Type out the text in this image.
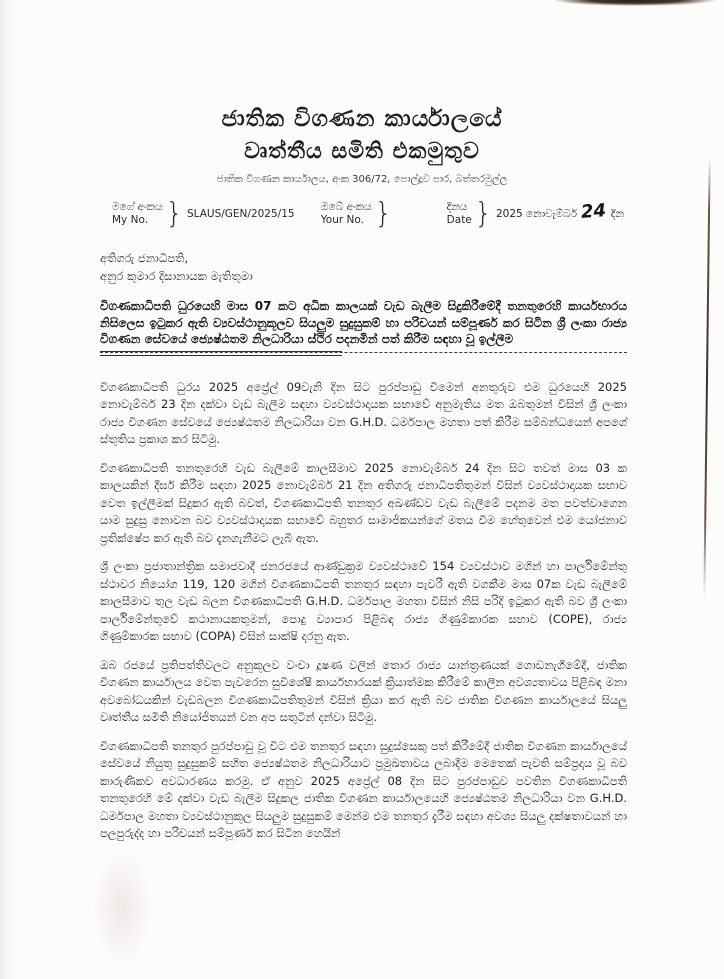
ජාතික විගණන කාර්යාලයේ
වෘත්තීය සමිති එකමුතුව
ජාතික විගණන කාර්යාලය, අංක 306/72, පොල්දූව පාර, බත්තරමුල්ල
මගේ අංකය
My No. } SLAUS/GEN/2025/15
ඔබේ අංකය
Your No. }	දිනය
Date } 2025 නොවැම්බර් 24 දින
අතිගරු ජනාධිපති,
අනුර කුමාර දිසානායක මැතිතුමා

විගණකාධිපති ධුරයෙහි මාස 07 කට අධික කාලයක් වැඩ බැලීම සිදුකිරීමේදී තනතුරෙහි කාර්යභාරය නිසිලෙස ඉටුකර ඇති ව්‍යවස්ථානුකූලව සියලුම සුදුසුකම් හා පරිචයන් සම්පූර්ණ කර සිටින ශ්‍රී ලංකා රාජ්‍ය විගණන සේවයේ ජ්‍යෙෂ්ඨතම නිලධාරියා ස්ථිර පදනමින් පත් කිරීම සඳහා වූ ඉල්ලීම

විගණකාධිපති ධුරය 2025 අප්‍රේල් 09වැනි දින සිට පුරප්පාඩු වීමෙන් අනතුරුව එම ධුරයෙහි 2025 නොවැම්බර් 23 දින දක්වා වැඩ බැලීම සඳහා ව්‍යවස්ථාදායක සභාවේ අනුමැතිය මත ඔබතුමන් විසින් ශ්‍රී ලංකා රාජ්‍ය විගණන සේවයේ ජ්‍යෙෂ්ඨතම නිලධාරියා වන G.H.D. ධර්මපාල මහතා පත් කිරීම සම්බන්ධයෙන් අපගේ ස්තුතිය ප්‍රකාශ කර සිටිමු.

විගණකාධිපති තනතුරෙහි වැඩ බැලීමේ කාලසීමාව 2025 නොවැම්බර් 24 දින සිට තවත් මාස 03 ක කාලයකින් දීර්ඝ කිරීම සඳහා 2025 නොවැම්බර් 21 දින අතිගරු ජනාධිපතිතුමන් විසින් ව්‍යවස්ථාදායක සභාව වෙත ඉල්ලීමක් සිදුකර ඇති බවත්, විගණකාධිපති තනතුර අඛණ්ඩව වැඩ බැලීමේ පදනම මත පවත්වාගෙන යාම සුදුසු නොවන බව ව්‍යවස්ථාදායක සභාවේ බහුතර සාමාජිකයන්ගේ මතය වීම හේතුවෙන් එම යෝජනාව ප්‍රතික්ෂේප කර ඇති බව දැනගැනීමට ලැබී ඇත.

ශ්‍රී ලංකා ප්‍රජාතාන්ත්‍රික සමාජවාදී ජනරජයේ ආණ්ඩුක්‍රම ව්‍යවස්ථාවේ 154 ව්‍යවස්ථාව මගින් හා පාර්ලිමේන්තු ස්ථාවර නියෝග 119, 120 මගින් විගණකාධිපති තනතුර සඳහා පැවරී ඇති වගකීම මාස 07ක වැඩ බැලීමේ කාලසීමාව තුල වැඩ බලන විගණකාධිපති G.H.D. ධර්මපාල මහතා විසින් නිසි පරිදි ඉටුකර ඇති බව ශ්‍රී ලංකා පාර්ලිමේන්තුවේ කථානායකතුමන්, පොදු ව්‍යාපාර පිළිබඳ රාජ්‍ය ගිණුම්කාරක සභාව (COPE), රාජ්‍ය ගිණුම්කාරක සභාව (COPA) විසින් සාක්ෂි දරනු ඇත.

ඔබ රජයේ ප්‍රතිපත්තිවලට අනුකූලව වංචා දූෂණ වලින් තොර රාජ්‍ය යාන්ත්‍රණයක් ගොඩනැගීමේදී, ජාතික විගණන කාර්යාලය වෙත පැවරෙන සුවිශේෂී කාර්යභාරයක් ක්‍රියාත්මක කිරීමේ කාලීන අවශ්‍යතාවය පිළිබඳ මනා අවබෝධයකින් වැඩබලන විගණකාධිපතිතුමන් විසින් ක්‍රියා කර ඇති බව ජාතික විගණන කාර්යාලයේ සියලු වෘත්තීය සමිති නියෝජිතයන් වන අප සතුටින් දන්වා සිටිමු.

විගණකාධිපති තනතුර පුරප්පාඩු වූ විට එම තනතුර සඳහා සුදුස්සෙකු පත් කිරීමේදී ජාතික විගණන කාර්යාලයේ සේවයේ නියුතු සුදුසුකම් සහිත ජ්‍යෙෂ්ඨතම නිලධාරියාට ප්‍රමුඛතාවය ලබාදීම මෙතෙක් පැවති සම්ප්‍රදාය වූ බව කාරුණිකව අවධාරණය කරමු. ඒ අනුව 2025 අප්‍රේල් 08 දින සිට පුරප්පාඩුව පවතින විගණකාධිපති තනතුරෙහි මේ දක්වා වැඩ බැලීම සිදුකල ජාතික විගණන කාර්යාලයෙහි ජ්‍යෙෂ්ඨතම නිලධාරියා වන G.H.D. ධර්මපාල මහතා ව්‍යවස්ථානුකූල සියලුම සුදුසුකම් මෙන්ම එම තනතුර දැරීම සඳහා අවශ්‍ය සියලු දක්ෂතාවයන් හා පලපුරුද්ද හා පරිචයන් සම්පූර්ණ කර සිටින හෙයින්
